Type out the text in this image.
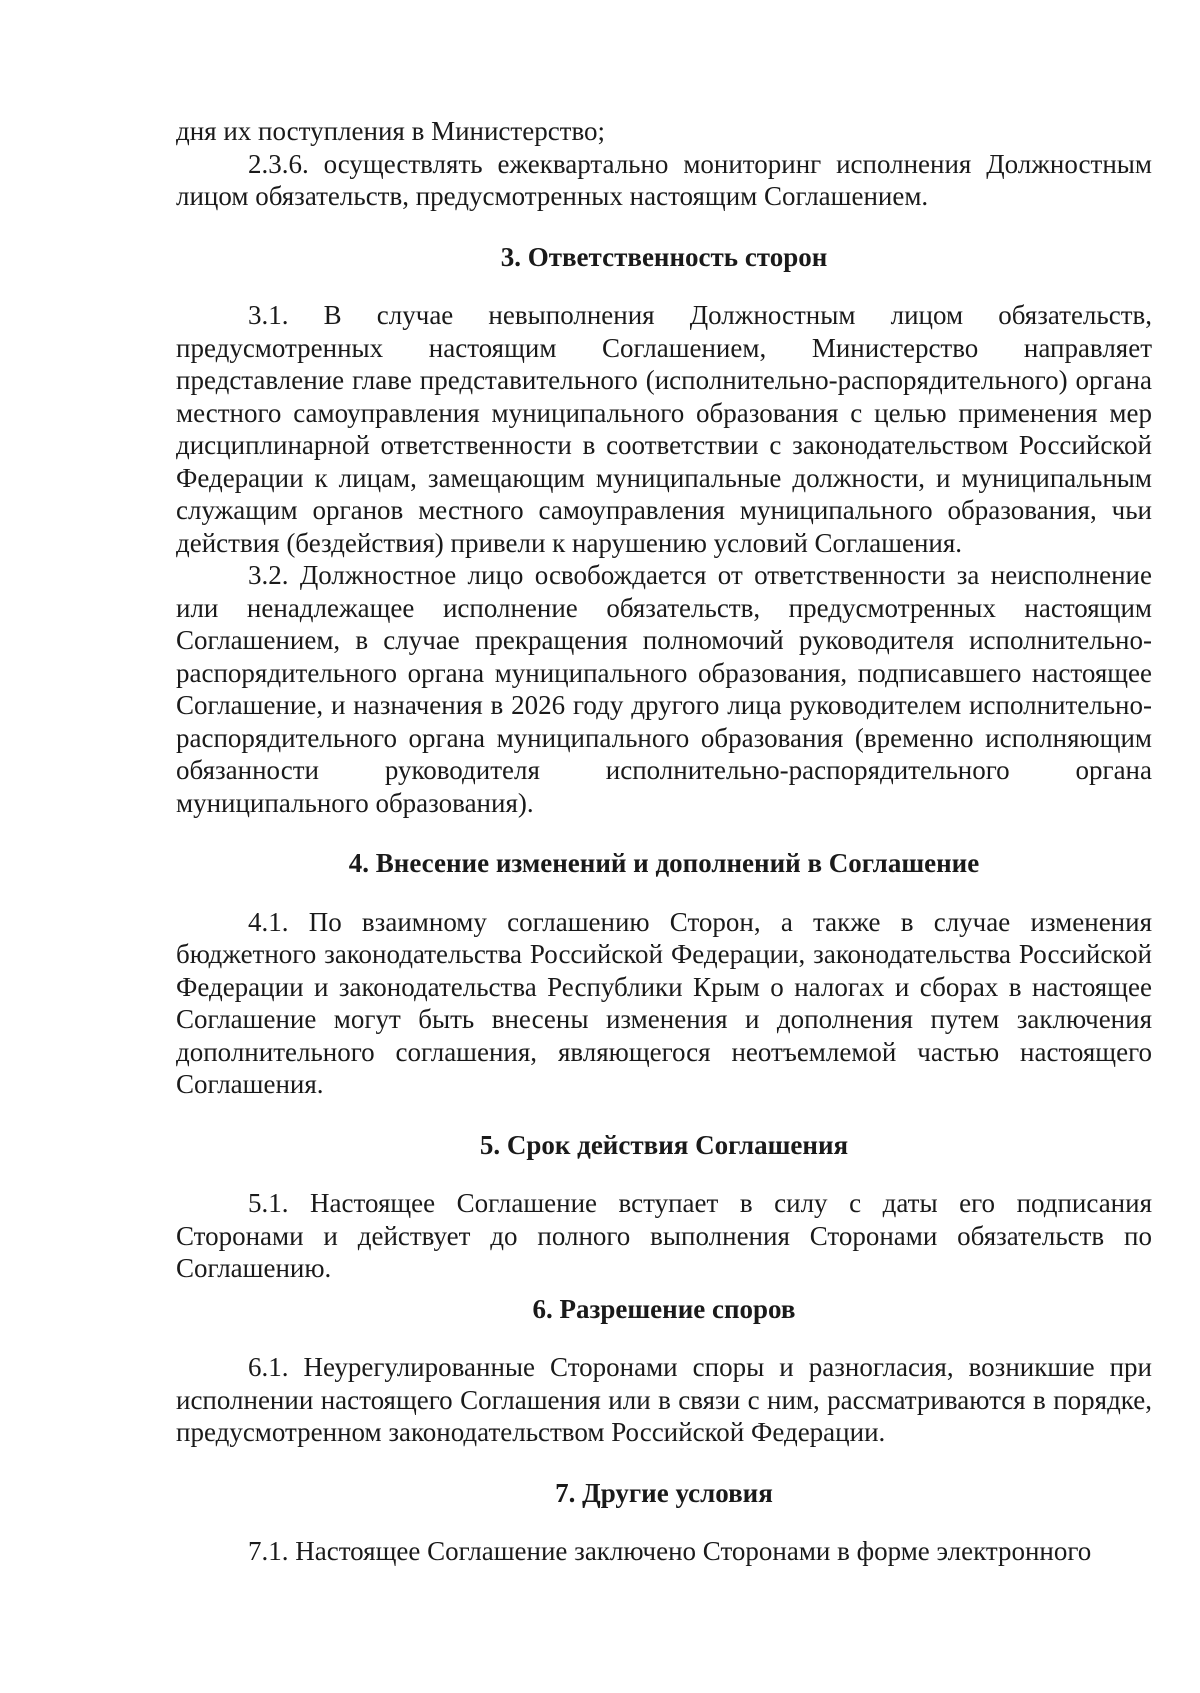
дня их поступления в Министерство;

2.3.6. осуществлять ежеквартально мониторинг исполнения Должностным лицом обязательств, предусмотренных настоящим Соглашением.

3. Ответственность сторон

3.1. В случае невыполнения Должностным лицом обязательств, предусмотренных настоящим Соглашением, Министерство направляет представление главе представительного (исполнительно-распорядительного) органа местного самоуправления муниципального образования с целью применения мер дисциплинарной ответственности в соответствии с законодательством Российской Федерации к лицам, замещающим муниципальные должности, и муниципальным служащим органов местного самоуправления муниципального образования, чьи действия (бездействия) привели к нарушению условий Соглашения.

3.2. Должностное лицо освобождается от ответственности за неисполнение или ненадлежащее исполнение обязательств, предусмотренных настоящим Соглашением, в случае прекращения полномочий руководителя исполнительно-распорядительного органа муниципального образования, подписавшего настоящее Соглашение, и назначения в 2026 году другого лица руководителем исполнительно-распорядительного органа муниципального образования (временно исполняющим обязанности руководителя исполнительно-распорядительного органа муниципального образования).

4. Внесение изменений и дополнений в Соглашение

4.1. По взаимному соглашению Сторон, а также в случае изменения бюджетного законодательства Российской Федерации, законодательства Российской Федерации и законодательства Республики Крым о налогах и сборах в настоящее Соглашение могут быть внесены изменения и дополнения путем заключения дополнительного соглашения, являющегося неотъемлемой частью настоящего Соглашения.

5. Срок действия Соглашения

5.1. Настоящее Соглашение вступает в силу с даты его подписания Сторонами и действует до полного выполнения Сторонами обязательств по Соглашению.

6. Разрешение споров

6.1. Неурегулированные Сторонами споры и разногласия, возникшие при исполнении настоящего Соглашения или в связи с ним, рассматриваются в порядке, предусмотренном законодательством Российской Федерации.

7. Другие условия

7.1. Настоящее Соглашение заключено Сторонами в форме электронного
